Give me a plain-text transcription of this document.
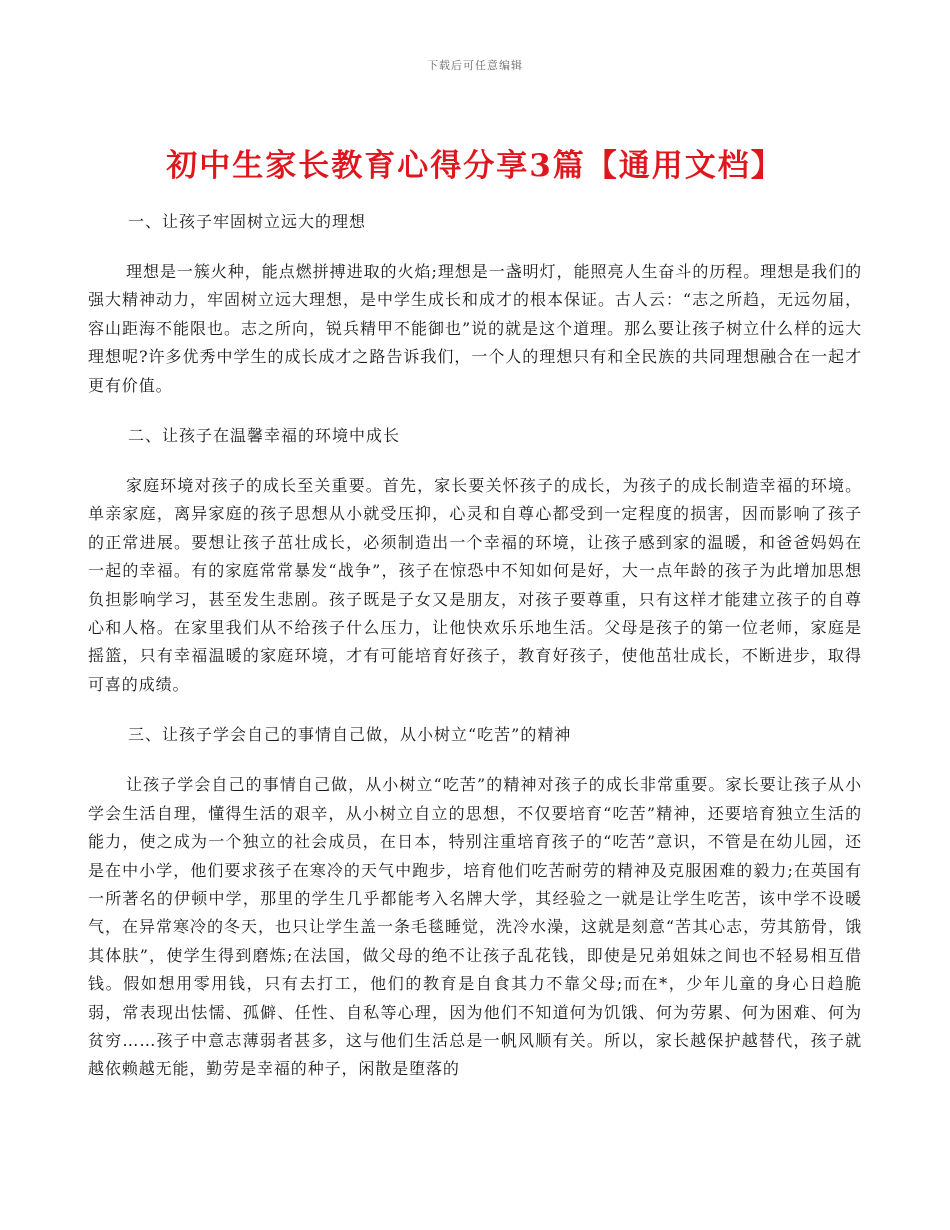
下载后可任意编辑
初中生家长教育心得分享3篇【通用文档】

一、让孩子牢固树立远大的理想

理想是一簇火种，能点燃拼搏进取的火焰;理想是一盏明灯，能照亮人生奋斗的历程。理想是我们的强大精神动力，牢固树立远大理想，是中学生成长和成才的根本保证。古人云：“志之所趋，无远勿届，容山距海不能限也。志之所向，锐兵精甲不能御也”说的就是这个道理。那么要让孩子树立什么样的远大理想呢?许多优秀中学生的成长成才之路告诉我们，一个人的理想只有和全民族的共同理想融合在一起才更有价值。

二、让孩子在温馨幸福的环境中成长

家庭环境对孩子的成长至关重要。首先，家长要关怀孩子的成长，为孩子的成长制造幸福的环境。单亲家庭，离异家庭的孩子思想从小就受压抑，心灵和自尊心都受到一定程度的损害，因而影响了孩子的正常进展。要想让孩子茁壮成长，必须制造出一个幸福的环境，让孩子感到家的温暖，和爸爸妈妈在一起的幸福。有的家庭常常暴发“战争”，孩子在惊恐中不知如何是好，大一点年龄的孩子为此增加思想负担影响学习，甚至发生悲剧。孩子既是子女又是朋友，对孩子要尊重，只有这样才能建立孩子的自尊心和人格。在家里我们从不给孩子什么压力，让他快欢乐乐地生活。父母是孩子的第一位老师，家庭是摇篮，只有幸福温暖的家庭环境，才有可能培育好孩子，教育好孩子，使他茁壮成长，不断进步，取得可喜的成绩。

三、让孩子学会自己的事情自己做，从小树立“吃苦”的精神

让孩子学会自己的事情自己做，从小树立“吃苦”的精神对孩子的成长非常重要。家长要让孩子从小学会生活自理，懂得生活的艰辛，从小树立自立的思想，不仅要培育“吃苦”精神，还要培育独立生活的能力，使之成为一个独立的社会成员，在日本，特别注重培育孩子的“吃苦”意识，不管是在幼儿园，还是在中小学，他们要求孩子在寒冷的天气中跑步，培育他们吃苦耐劳的精神及克服困难的毅力;在英国有一所著名的伊顿中学，那里的学生几乎都能考入名牌大学，其经验之一就是让学生吃苦，该中学不设暖气，在异常寒冷的冬天，也只让学生盖一条毛毯睡觉，洗冷水澡，这就是刻意“苦其心志，劳其筋骨，饿其体肤”，使学生得到磨炼;在法国，做父母的绝不让孩子乱花钱，即使是兄弟姐妹之间也不轻易相互借钱。假如想用零用钱，只有去打工，他们的教育是自食其力不靠父母;而在*，少年儿童的身心日趋脆弱，常表现出怯懦、孤僻、任性、自私等心理，因为他们不知道何为饥饿、何为劳累、何为困难、何为贫穷……孩子中意志薄弱者甚多，这与他们生活总是一帆风顺有关。所以，家长越保护越替代，孩子就越依赖越无能，勤劳是幸福的种子，闲散是堕落的
